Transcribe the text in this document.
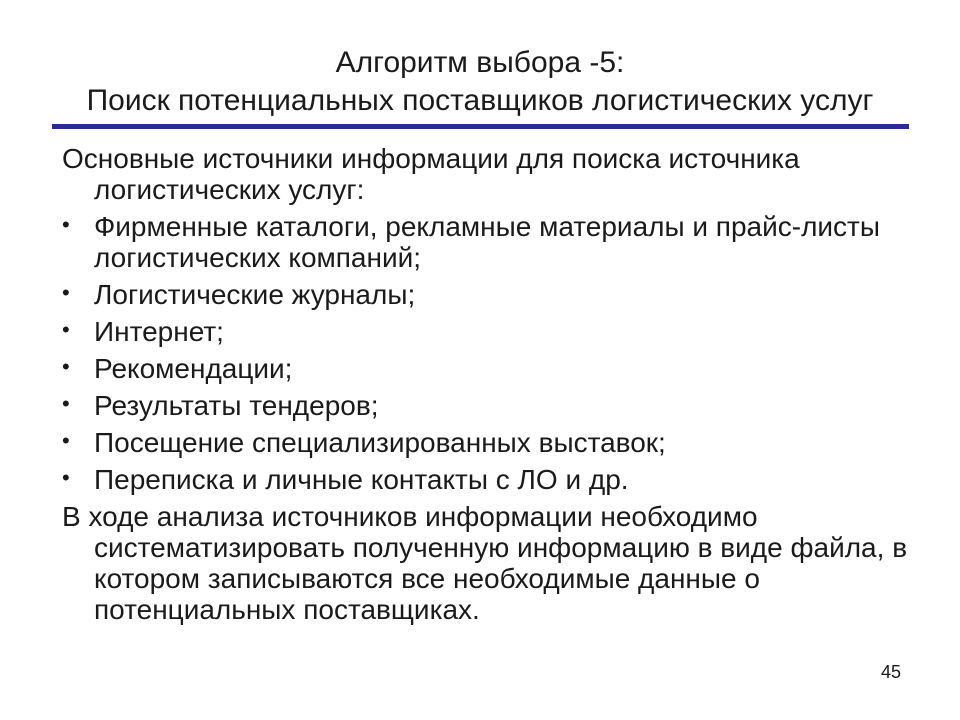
Алгоритм выбора -5:
Поиск потенциальных поставщиков логистических услуг

Основные источники информации для поиска источника логистических услуг:

• Фирменные каталоги, рекламные материалы и прайс-листы логистических компаний;
• Логистические журналы;
• Интернет;
• Рекомендации;
• Результаты тендеров;
• Посещение специализированных выставок;
• Переписка и личные контакты с ЛО и др.

В ходе анализа источников информации необходимо систематизировать полученную информацию в виде файла, в котором записываются все необходимые данные о потенциальных поставщиках.

45
